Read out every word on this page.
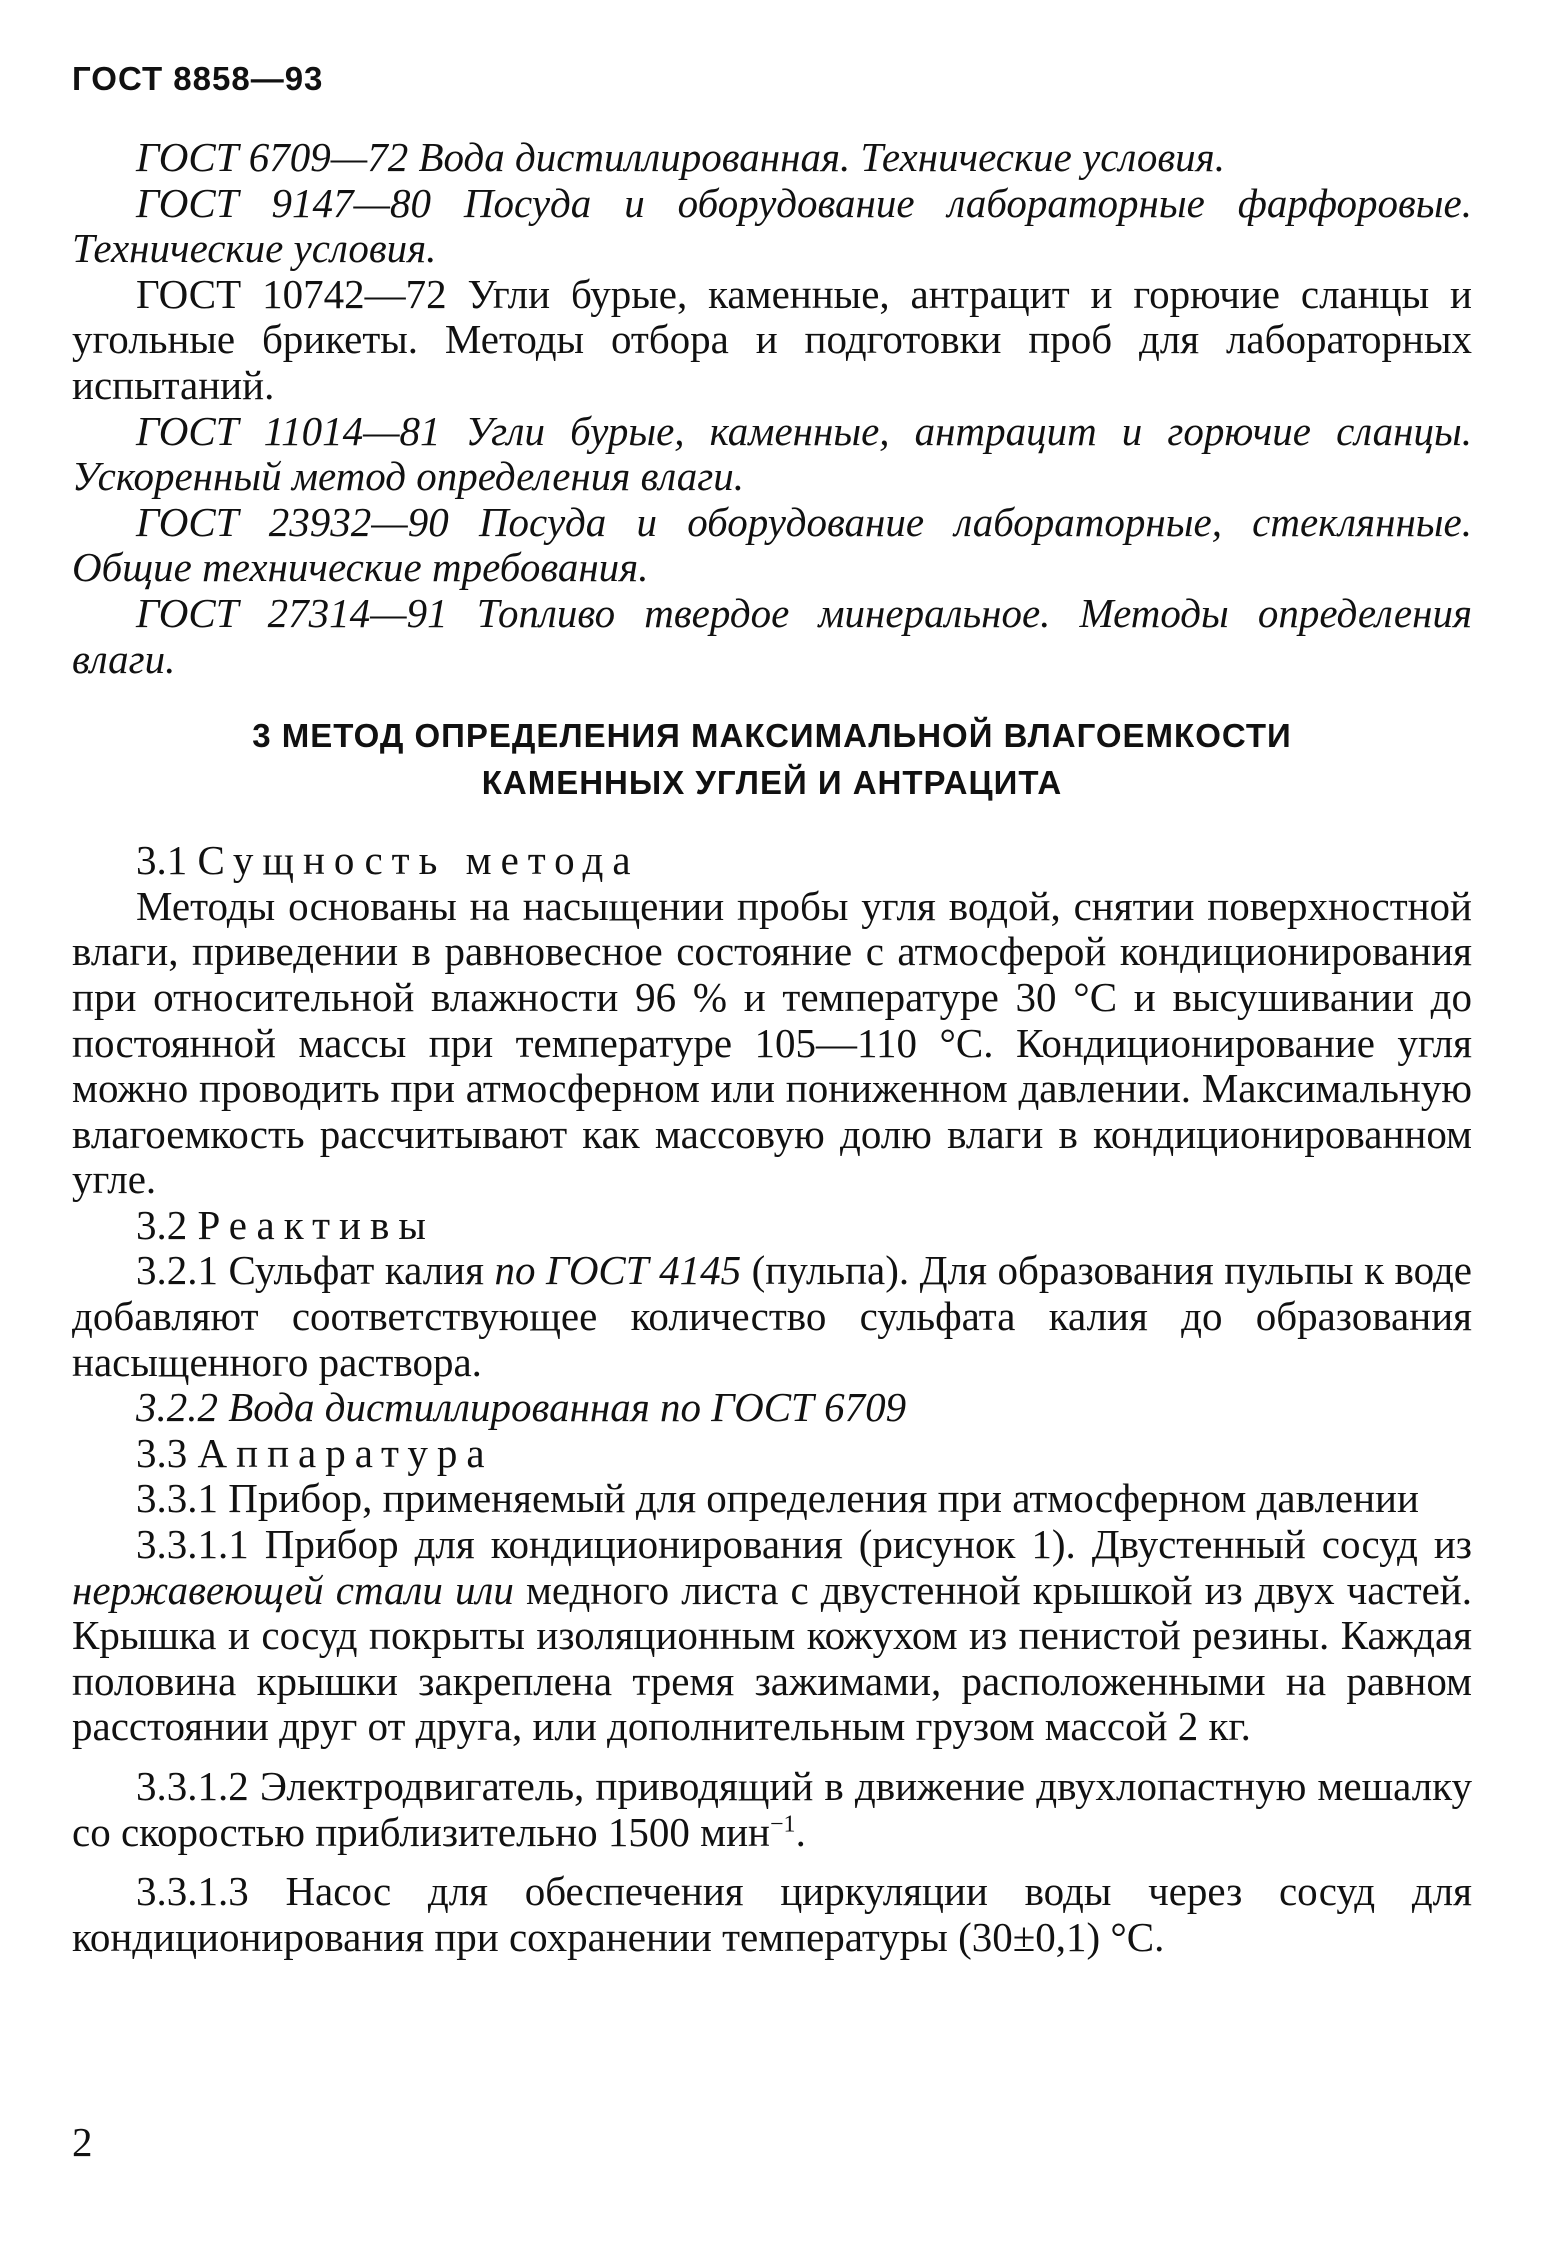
ГОСТ 8858—93

ГОСТ 6709—72 Вода дистиллированная. Технические условия.

ГОСТ 9147—80 Посуда и оборудование лабораторные фарфоровые. Технические условия.

ГОСТ 10742—72 Угли бурые, каменные, антрацит и горючие сланцы и угольные брикеты. Методы отбора и подготовки проб для лабораторных испытаний.

ГОСТ 11014—81 Угли бурые, каменные, антрацит и горючие сланцы. Ускоренный метод определения влаги.

ГОСТ 23932—90 Посуда и оборудование лабораторные, стеклянные. Общие технические требования.

ГОСТ 27314—91 Топливо твердое минеральное. Методы определения влаги.

3 МЕТОД ОПРЕДЕЛЕНИЯ МАКСИМАЛЬНОЙ ВЛАГОЕМКОСТИ
КАМЕННЫХ УГЛЕЙ И АНТРАЦИТА

3.1 Сущность метода

Методы основаны на насыщении пробы угля водой, снятии поверхностной влаги, приведении в равновесное состояние с атмосферой кондиционирования при относительной влажности 96 % и температуре 30 °С и высушивании до постоянной массы при температуре 105—110 °С. Кондиционирование угля можно проводить при атмосферном или пониженном давлении. Максимальную влагоемкость рассчитывают как массовую долю влаги в кондиционированном угле.

3.2 Реактивы

3.2.1 Сульфат калия по ГОСТ 4145 (пульпа). Для образования пульпы к воде добавляют соответствующее количество сульфата калия до образования насыщенного раствора.

3.2.2 Вода дистиллированная по ГОСТ 6709

3.3 Аппаратура

3.3.1 Прибор, применяемый для определения при атмосферном давлении

3.3.1.1 Прибор для кондиционирования (рисунок 1). Двустенный сосуд из нержавеющей стали или медного листа с двустенной крышкой из двух частей. Крышка и сосуд покрыты изоляционным кожухом из пенистой резины. Каждая половина крышки закреплена тремя зажимами, расположенными на равном расстоянии друг от друга, или дополнительным грузом массой 2 кг.

3.3.1.2 Электродвигатель, приводящий в движение двухлопастную мешалку со скоростью приблизительно 1500 мин$^{-1}$.

3.3.1.3 Насос для обеспечения циркуляции воды через сосуд для кондиционирования при сохранении температуры (30±0,1) °С.

2
